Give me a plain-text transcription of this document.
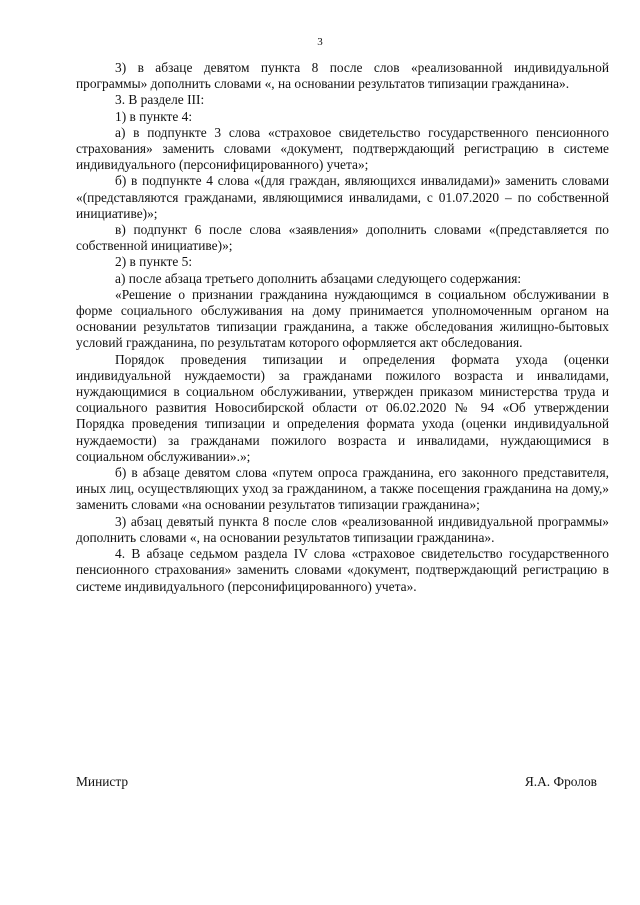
3

3) в абзаце девятом пункта 8 после слов «реализованной индивидуальной программы» дополнить словами «, на основании результатов типизации гражданина».

3. В разделе III:

1) в пункте 4:

а) в подпункте 3 слова «страховое свидетельство государственного пенсионного страхования» заменить словами «документ, подтверждающий регистрацию в системе индивидуального (персонифицированного) учета»;

б) в подпункте 4 слова «(для граждан, являющихся инвалидами)» заменить словами «(представляются гражданами, являющимися инвалидами, с 01.07.2020 – по собственной инициативе)»;

в) подпункт 6 после слова «заявления» дополнить словами «(представляется по собственной инициативе)»;

2) в пункте 5:

а) после абзаца третьего дополнить абзацами следующего содержания:

«Решение о признании гражданина нуждающимся в социальном обслуживании в форме социального обслуживания на дому принимается уполномоченным органом на основании результатов типизации гражданина, а также обследования жилищно-бытовых условий гражданина, по результатам которого оформляется акт обследования.

Порядок проведения типизации и определения формата ухода (оценки индивидуальной нуждаемости) за гражданами пожилого возраста и инвалидами, нуждающимися в социальном обслуживании, утвержден приказом министерства труда и социального развития Новосибирской области от 06.02.2020 № 94 «Об утверждении Порядка проведения типизации и определения формата ухода (оценки индивидуальной нуждаемости) за гражданами пожилого возраста и инвалидами, нуждающимися в социальном обслуживании».»;

б) в абзаце девятом слова «путем опроса гражданина, его законного представителя, иных лиц, осуществляющих уход за гражданином, а также посещения гражданина на дому,» заменить словами «на основании результатов типизации гражданина»;

3) абзац девятый пункта 8 после слов «реализованной индивидуальной программы» дополнить словами «, на основании результатов типизации гражданина».

4. В абзаце седьмом раздела IV слова «страховое свидетельство государственного пенсионного страхования» заменить словами «документ, подтверждающий регистрацию в системе индивидуального (персонифицированного) учета».

Министр	Я.А. Фролов
